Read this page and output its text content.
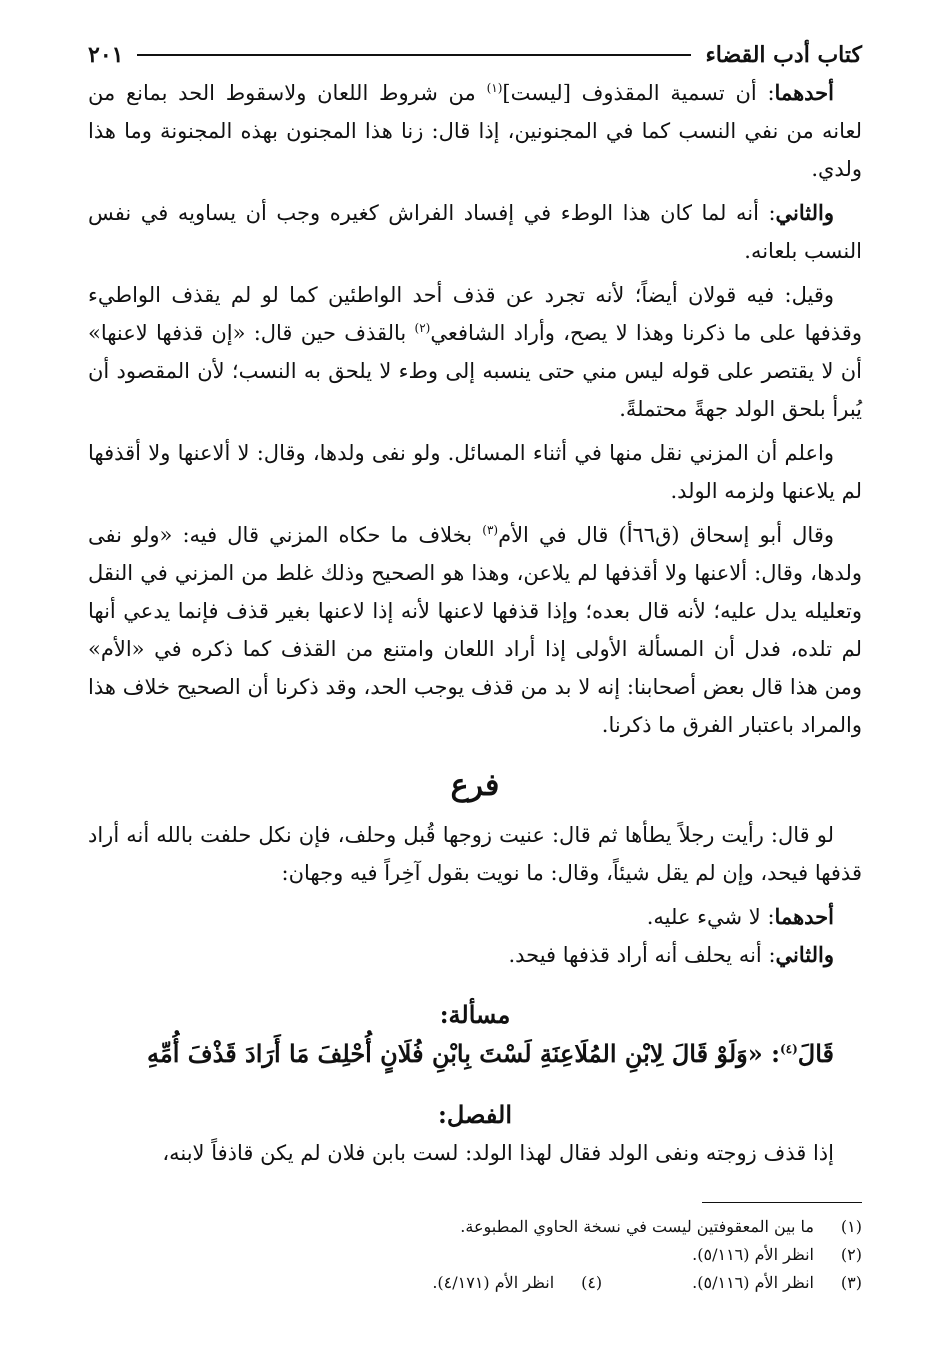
كتاب أدب القضاء
٢٠١

أحدهما: أن تسمية المقذوف [ليست]$^{(١)}$ من شروط اللعان ولاسقوط الحد بمانع من لعانه من نفي النسب كما في المجنونين، إذا قال: زنا هذا المجنون بهذه المجنونة وما هذا ولدي.

والثاني: أنه لما كان هذا الوطء في إفساد الفراش كغيره وجب أن يساويه في نفس النسب بلعانه.

وقيل: فيه قولان أيضاً؛ لأنه تجرد عن قذف أحد الواطئين كما لو لم يقذف الواطيء وقذفها على ما ذكرنا وهذا لا يصح، وأراد الشافعي$^{(٢)}$ بالقذف حين قال: «إن قذفها لاعنها» أن لا يقتصر على قوله ليس مني حتى ينسبه إلى وطء لا يلحق به النسب؛ لأن المقصود أن يُبرأ بلحق الولد جهةً محتملةً.

واعلم أن المزني نقل منها في أثناء المسائل. ولو نفى ولدها، وقال: لا ألاعنها ولا أقذفها لم يلاعنها ولزمه الولد.

وقال أبو إسحاق (ق٦٦أ) قال في الأم$^{(٣)}$ بخلاف ما حكاه المزني قال فيه: «ولو نفى ولدها، وقال: ألاعنها ولا أقذفها لم يلاعن، وهذا هو الصحيح وذلك غلط من المزني في النقل وتعليله يدل عليه؛ لأنه قال بعده؛ وإذا قذفها لاعنها لأنه إذا لاعنها بغير قذف فإنما يدعي أنها لم تلده، فدل أن المسألة الأولى إذا أراد اللعان وامتنع من القذف كما ذكره في «الأم» ومن هذا قال بعض أصحابنا: إنه لا بد من قذف يوجب الحد، وقد ذكرنا أن الصحيح خلاف هذا والمراد باعتبار الفرق ما ذكرنا.

فرع

لو قال: رأيت رجلاً يطأها ثم قال: عنيت زوجها قُبل وحلف، فإن نكل حلفت بالله أنه أراد قذفها فيحد، وإن لم يقل شيئاً، وقال: ما نويت بقول آخِراً فيه وجهان:

أحدهما: لا شيء عليه.

والثاني: أنه يحلف أنه أراد قذفها فيحد.

مسألة:

قَالَ$^{(٤)}$: «وَلَوْ قَالَ لِابْنِ المُلَاعِنَةِ لَسْتَ بِابْنِ فُلَانٍ أُحْلِفَ مَا أَرَادَ قَذْفَ أُمِّهِ

الفصل:

إذا قذف زوجته ونفى الولد فقال لهذا الولد: لست بابن فلان لم يكن قاذفاً لابنه،

(١)
ما بين المعقوفتين ليست في نسخة الحاوي المطبوعة.
(٢)
انظر الأم (٥/١١٦).
(٣)
انظر الأم (٥/١١٦).
(٤)
انظر الأم (٤/١٧١).
